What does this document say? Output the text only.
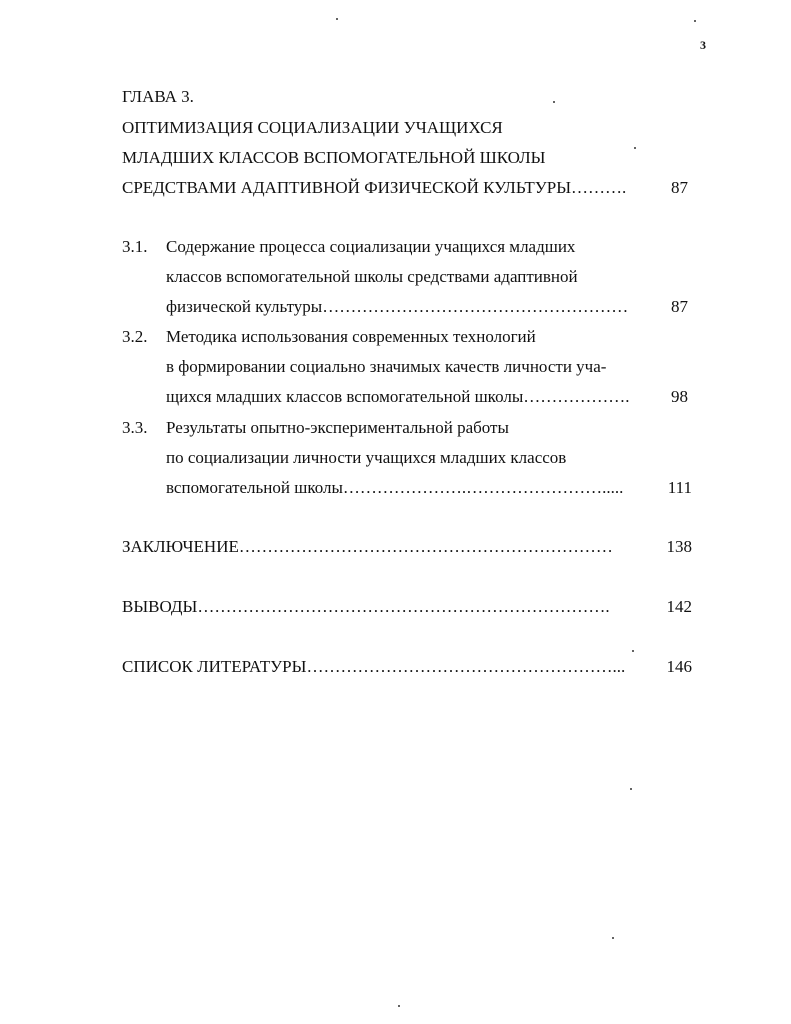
3
ГЛАВА 3.
ОПТИМИЗАЦИЯ СОЦИАЛИЗАЦИИ УЧАЩИХСЯ
МЛАДШИХ КЛАССОВ ВСПОМОГАТЕЛЬНОЙ ШКОЛЫ
СРЕДСТВАМИ АДАПТИВНОЙ ФИЗИЧЕСКОЙ КУЛЬТУРЫ……….	87
3.1. Содержание процесса социализации учащихся младших
классов вспомогательной школы средствами адаптивной
физической культуры………………………………………………	87
3.2. Методика использования современных технологий
в формировании социально значимых качеств личности уча-
щихся младших классов вспомогательной школы……………….	98
3.3. Результаты опытно-экспериментальной работы
по социализации личности учащихся младших классов
вспомогательной школы………………….…………………….....	111
ЗАКЛЮЧЕНИЕ…………………………………………………………	138
ВЫВОДЫ……………………………………………………………….	142
СПИСОК ЛИТЕРАТУРЫ………………………………………………...	146
